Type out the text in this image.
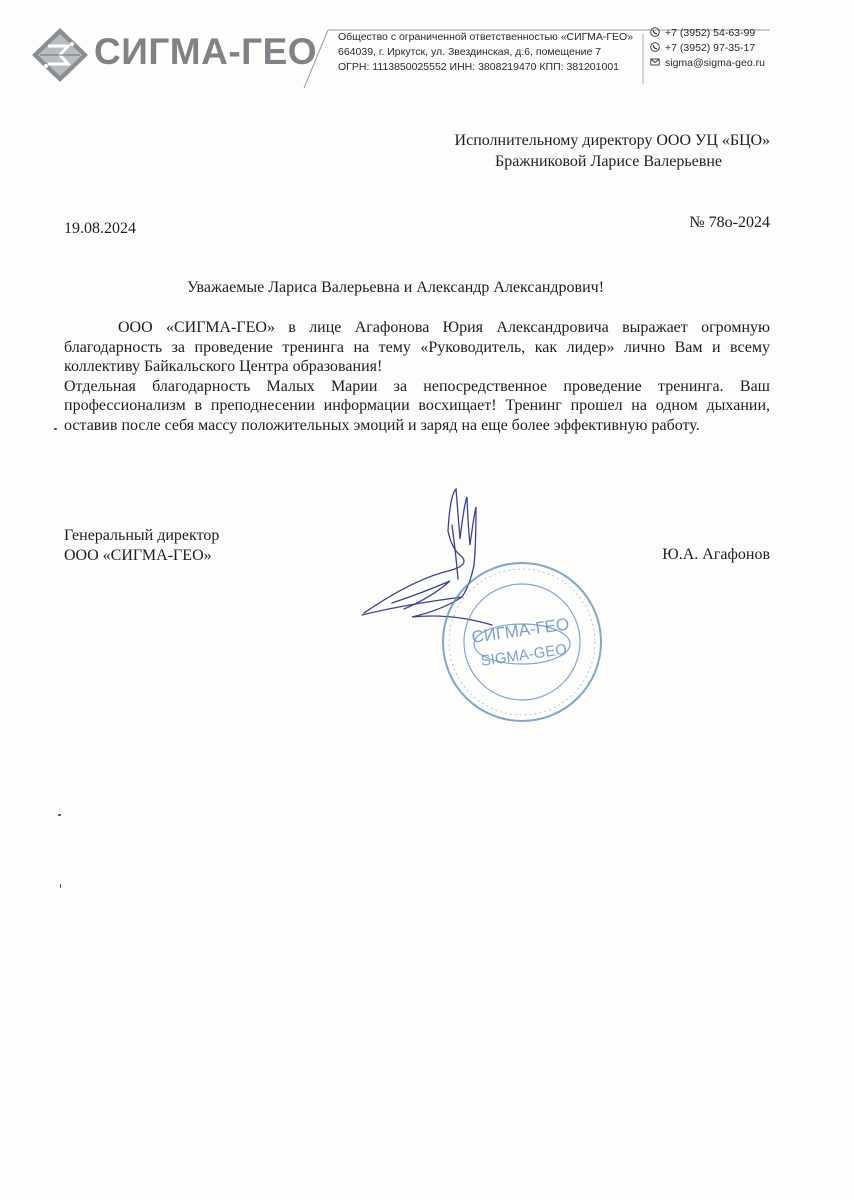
СИГМА-ГЕО Общество с ограниченной ответственностью «СИГМА-ГЕО»
664039, г. Иркутск, ул. Звездинская, д.6, помещение 7
ОГРН: 1113850025552 ИНН: 3808219470 КПП: 381201001
+7 (3952) 54-63-99
+7 (3952) 97-35-17
sigma@sigma-geo.ru
Исполнительному директору ООО УЦ «БЦО»
Бражниковой Ларисе Валерьевне
19.08.2024	№ 78о-2024
Уважаемые Лариса Валерьевна и Александр Александрович!

ООО «СИГМА-ГЕО» в лице Агафонова Юрия Александровича выражает огромную благодарность за проведение тренинга на тему «Руководитель, как лидер» лично Вам и всему коллективу Байкальского Центра образования!

Отдельная благодарность Малых Марии за непосредственное проведение тренинга. Ваш профессионализм в преподнесении информации восхищает! Тренинг прошел на одном дыхании, оставив после себя массу положительных эмоций и заряд на еще более эффективную работу.

Генеральный директор
ООО «СИГМА-ГЕО»	Ю.А. Агафонов
СИГМА-ГЕО
SIGMA-GEO
